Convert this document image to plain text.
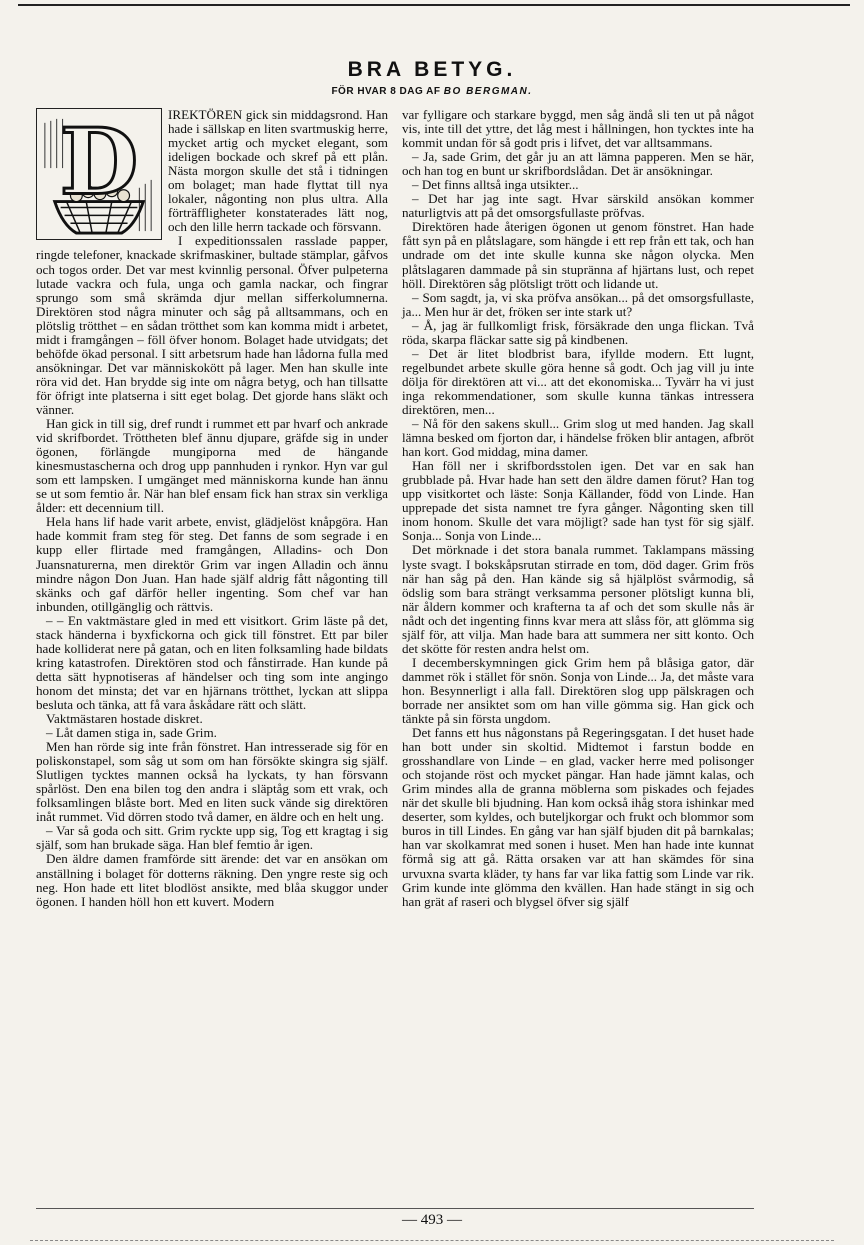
BRA BETYG.
FÖR HVAR 8 DAG AF BO BERGMAN.
D	IREKTÖREN gick sin middagsrond. Han hade i sällskap en liten svartmuskig herre, mycket artig och mycket elegant, som ideligen bockade och skref på ett plån. Nästa morgon skulle det stå i tidningen om bolaget; man hade flyttat till nya lokaler, någonting non plus ultra. Alla förträffligheter konstaterades lätt nog, och den lille herrn tackade och försvann.

I expeditionssalen rasslade papper, ringde telefoner, knackade skrifmaskiner, bultade stämplar, gåfvos och togos order. Det var mest kvinnlig personal. Öfver pulpeterna lutade vackra och fula, unga och gamla nackar, och fingrar sprungo som små skrämda djur mellan sifferkolumnerna. Direktören stod några minuter och såg på alltsammans, och en plötslig trötthet – en sådan trötthet som kan komma midt i arbetet, midt i framgången – föll öfver honom. Bolaget hade utvidgats; det behöfde ökad personal. I sitt arbetsrum hade han lådorna fulla med ansökningar. Det var människokött på lager. Men han skulle inte röra vid det. Han brydde sig inte om några betyg, och han tillsatte för öfrigt inte platserna i sitt eget bolag. Det gjorde hans släkt och vänner.

Han gick in till sig, dref rundt i rummet ett par hvarf och ankrade vid skrifbordet. Tröttheten blef ännu djupare, gräfde sig in under ögonen, förlängde mungiporna med de hängande kinesmustascherna och drog upp pannhuden i rynkor. Hyn var gul som ett lampsken. I umgänget med människorna kunde han ännu se ut som femtio år. När han blef ensam fick han strax sin verkliga ålder: ett decennium till.

Hela hans lif hade varit arbete, envist, glädjelöst knåpgöra. Han hade kommit fram steg för steg. Det fanns de som segrade i en kupp eller flirtade med framgången, Alladins- och Don Juansnaturerna, men direktör Grim var ingen Alladin och ännu mindre någon Don Juan. Han hade själf aldrig fått någonting till skänks och gaf därför heller ingenting. Som chef var han inbunden, otillgänglig och rättvis.

– – En vaktmästare gled in med ett visitkort. Grim läste på det, stack händerna i byxfickorna och gick till fönstret. Ett par biler hade kolliderat nere på gatan, och en liten folksamling hade bildats kring katastrofen. Direktören stod och fånstirrade. Han kunde på detta sätt hypnotiseras af händelser och ting som inte angingo honom det minsta; det var en hjärnans trötthet, lyckan att slippa besluta och tänka, att få vara åskådare rätt och slätt.

Vaktmästaren hostade diskret.

– Låt damen stiga in, sade Grim.

Men han rörde sig inte från fönstret. Han intresserade sig för en poliskonstapel, som såg ut som om han försökte skingra sig själf. Slutligen tycktes mannen också ha lyckats, ty han försvann spårlöst. Den ena bilen tog den andra i släptåg som ett vrak, och folksamlingen blåste bort. Med en liten suck vände sig direktören inåt rummet. Vid dörren stodo två damer, en äldre och en helt ung.

– Var så goda och sitt. Grim ryckte upp sig, Tog ett kragtag i sig själf, som han brukade säga. Han blef femtio år igen.

Den äldre damen framförde sitt ärende: det var en ansökan om anställning i bolaget för dotterns räkning. Den yngre reste sig och neg. Hon hade ett litet blodlöst ansikte, med blåa skuggor under ögonen. I handen höll hon ett kuvert. Modern

var fylligare och starkare byggd, men såg ändå sli ten ut på något vis, inte till det yttre, det låg mest i hållningen, hon tycktes inte ha kommit undan för så godt pris i lifvet, det var alltsammans.

– Ja, sade Grim, det går ju an att lämna papperen. Men se här, och han tog en bunt ur skrifbordslådan. Det är ansökningar.

– Det finns alltså inga utsikter...

– Det har jag inte sagt. Hvar särskild ansökan kommer naturligtvis att på det omsorgsfullaste pröfvas.

Direktören hade återigen ögonen ut genom fönstret. Han hade fått syn på en plåtslagare, som hängde i ett rep från ett tak, och han undrade om det inte skulle kunna ske någon olycka. Men plåtslagaren dammade på sin stupränna af hjärtans lust, och repet höll. Direktören såg plötsligt trött och lidande ut.

– Som sagdt, ja, vi ska pröfva ansökan... på det omsorgsfullaste, ja... Men hur är det, fröken ser inte stark ut?

– Å, jag är fullkomligt frisk, försäkrade den unga flickan. Två röda, skarpa fläckar satte sig på kindbenen.

– Det är litet blodbrist bara, ifyllde modern. Ett lugnt, regelbundet arbete skulle göra henne så godt. Och jag vill ju inte dölja för direktören att vi... att det ekonomiska... Tyvärr ha vi just inga rekommendationer, som skulle kunna tänkas intressera direktören, men...

– Nå för den sakens skull... Grim slog ut med handen. Jag skall lämna besked om fjorton dar, i händelse fröken blir antagen, afbröt han kort. God middag, mina damer.

Han föll ner i skrifbordsstolen igen. Det var en sak han grubblade på. Hvar hade han sett den äldre damen förut? Han tog upp visitkortet och läste: Sonja Källander, född von Linde. Han upprepade det sista namnet tre fyra gånger. Någonting sken till inom honom. Skulle det vara möjligt? sade han tyst för sig själf. Sonja... Sonja von Linde...

Det mörknade i det stora banala rummet. Taklampans mässing lyste svagt. I bokskåpsrutan stirrade en tom, död dager. Grim frös när han såg på den. Han kände sig så hjälplöst svårmodig, så ödslig som bara strängt verksamma personer plötsligt kunna bli, när åldern kommer och krafterna ta af och det som skulle nås är nådt och det ingenting finns kvar mera att slåss för, att glömma sig själf för, att vilja. Man hade bara att summera ner sitt konto. Och det skötte för resten andra helst om.

I decemberskymningen gick Grim hem på blåsiga gator, där dammet rök i stället för snön. Sonja von Linde... Ja, det måste vara hon. Besynnerligt i alla fall. Direktören slog upp pälskragen och borrade ner ansiktet som om han ville gömma sig. Han gick och tänkte på sin första ungdom.

Det fanns ett hus någonstans på Regeringsgatan. I det huset hade han bott under sin skoltid. Midtemot i farstun bodde en grosshandlare von Linde – en glad, vacker herre med polisonger och stojande röst och mycket pängar. Han hade jämnt kalas, och Grim mindes alla de granna möblerna som piskades och fejades när det skulle bli bjudning. Han kom också ihåg stora ishinkar med deserter, som kyldes, och buteljkorgar och frukt och blommor som buros in till Lindes. En gång var han själf bjuden dit på barnkalas; han var skolkamrat med sonen i huset. Men han hade inte kunnat förmå sig att gå. Rätta orsaken var att han skämdes för sina urvuxna svarta kläder, ty hans far var lika fattig som Linde var rik. Grim kunde inte glömma den kvällen. Han hade stängt in sig och han grät af raseri och blygsel öfver sig själf

— 493 —
